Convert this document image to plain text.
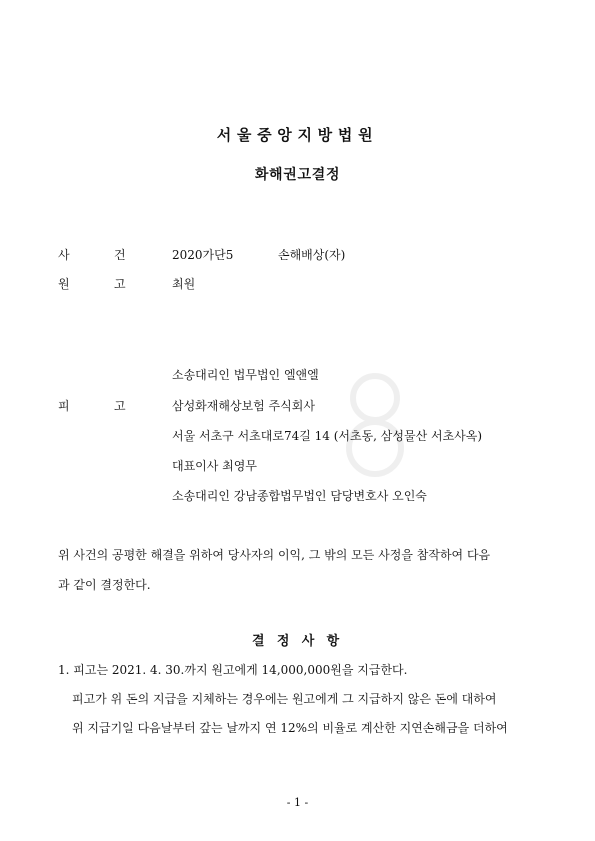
서울중앙지방법원
화해권고결정
사	건	2020가단5	손해배상(자)
원	고	최원
소송대리인 법무법인 엘앤엘
피	고	삼성화재해상보험 주식회사
서울 서초구 서초대로74길 14 (서초동, 삼성물산 서초사옥)
대표이사 최영무
소송대리인 강남종합법무법인 담당변호사 오인숙
위 사건의 공평한 해결을 위하여 당사자의 이익, 그 밖의 모든 사정을 참작하여 다음
과 같이 결정한다.
결 정 사 항
1. 피고는 2021. 4. 30.까지 원고에게 14,000,000원을 지급한다.
피고가 위 돈의 지급을 지체하는 경우에는 원고에게 그 지급하지 않은 돈에 대하여
위 지급기일 다음날부터 갚는 날까지 연 12%의 비율로 계산한 지연손해금을 더하여
- 1 -
